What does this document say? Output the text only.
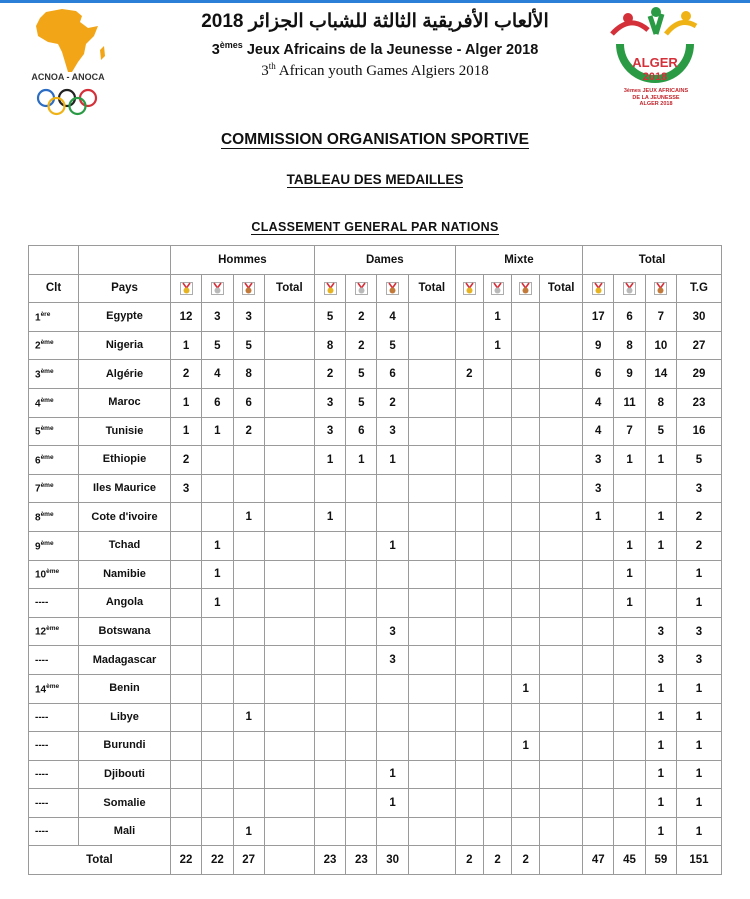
ACNOA - ANOCA
الألعاب الأفريقية الثالثة للشباب الجزائر 2018
3èmes Jeux Africains de la Jeunesse - Alger 2018
3th African youth Games Algiers 2018
ALGER
2018
3èmes JEUX AFRICAINS
DE LA JEUNESSE
ALGER 2018
COMMISSION ORGANISATION SPORTIVE
TABLEAU DES MEDAILLES
CLASSEMENT GENERAL PAR NATIONS
		Hommes				Dames				Mixte				Total			
Clt	Pays				Total				Total				Total				T.G
1ère	Egypte	12	3	3		5	2	4			1			17	6	7	30
2ème	Nigeria	1	5	5		8	2	5			1			9	8	10	27
3ème	Algérie	2	4	8		2	5	6		2				6	9	14	29
4ème	Maroc	1	6	6		3	5	2						4	11	8	23
5ème	Tunisie	1	1	2		3	6	3						4	7	5	16
6ème	Ethiopie	2				1	1	1						3	1	1	5
7ème	Iles Maurice	3												3			3
8ème	Cote d'ivoire			1		1								1		1	2
9ème	Tchad		1					1							1	1	2
10ème	Namibie		1												1		1
----	Angola		1												1		1
12ème	Botswana							3								3	3
----	Madagascar							3								3	3
14ème	Benin											1				1	1
----	Libye			1												1	1
----	Burundi											1				1	1
----	Djibouti							1								1	1
----	Somalie							1								1	1
----	Mali			1												1	1
Total		22	22	27		23	23	30		2	2	2		47	45	59	151
